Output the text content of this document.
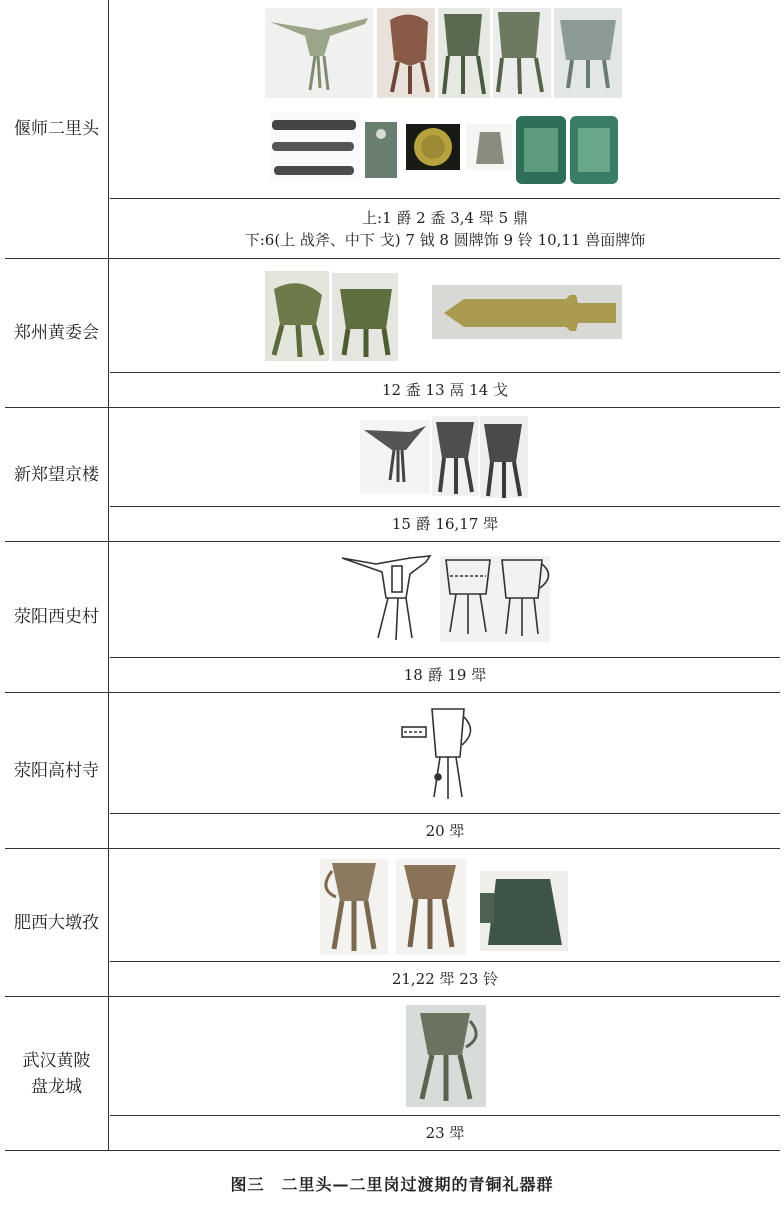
偃师二里头
上:1 爵 2 盉 3,4 斝 5 鼎
下:6(上 战斧、中下 戈) 7 钺 8 圆牌饰 9 铃 10,11 兽面牌饰
郑州黄委会
12 盉 13 鬲 14 戈
新郑望京楼
15 爵 16,17 斝
荥阳西史村
18 爵 19 斝
荥阳高村寺
20 斝
肥西大墩孜
21,22 斝 23 铃
武汉黄陂
盘龙城
23 斝
图三　二里头—二里岗过渡期的青铜礼器群
